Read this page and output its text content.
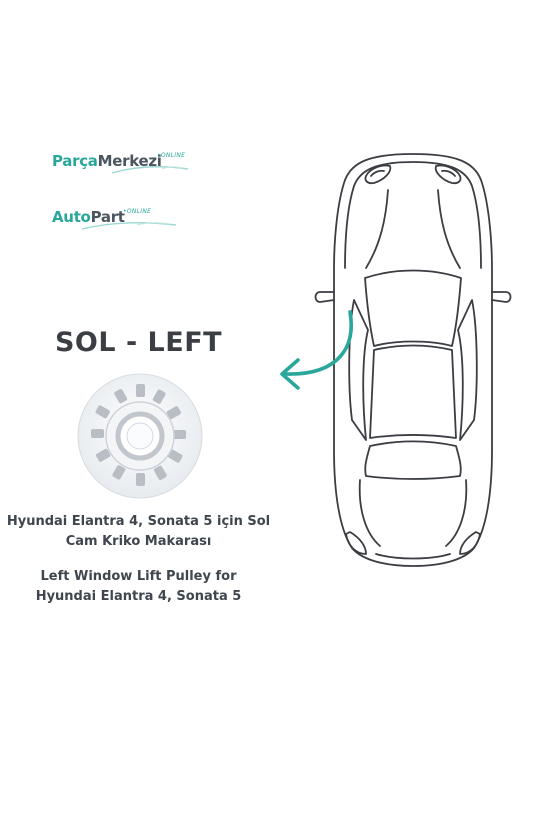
ParçaMerkezi
•ONLINE
AutoPart
•ONLINE
SOL - LEFT
Hyundai Elantra 4, Sonata 5 için Sol
Cam Kriko Makarası
Left Window Lift Pulley for
Hyundai Elantra 4, Sonata 5
